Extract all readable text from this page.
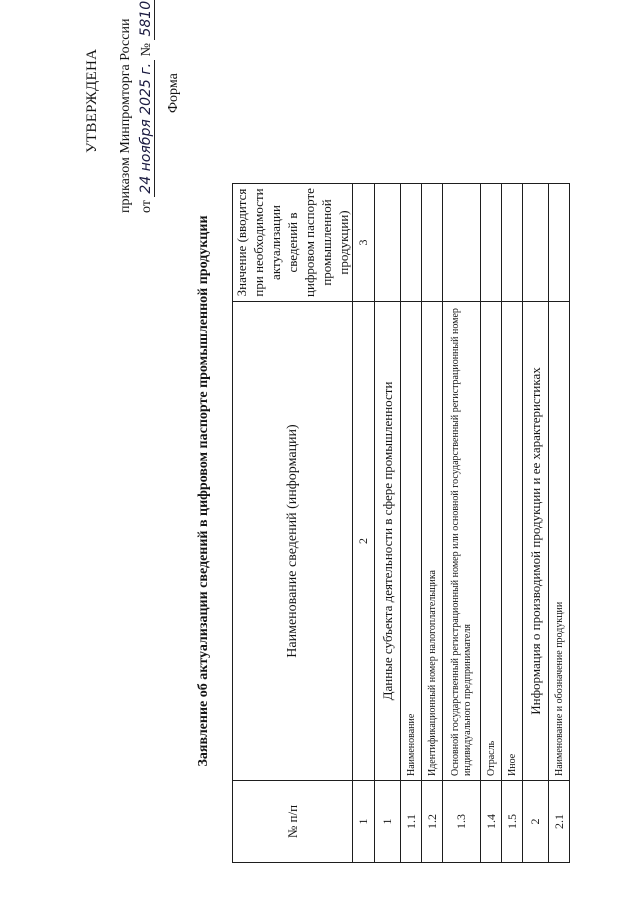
УТВЕРЖДЕНА приказом Минпромторга России от 24 ноября 2025 г. № 5810
Форма
Заявление об актуализации сведений в цифровом паспорте промышленной продукции
№ п/п	Наименование сведений (информации)	Значение (вводится при необходимости актуализации сведений в цифровом паспорте промышленной продукции)
1	2	3
1	Данные субъекта деятельности в сфере промышленности	
1.1	Наименование	
1.2	Идентификационный номер налогоплательщика	
1.3	Основной государственный регистрационный номер или основной государственный регистрационный номер индивидуального предпринимателя	
1.4	Отрасль	
1.5	Иное	
2	Информация о производимой продукции и ее характеристиках	
2.1	Наименование и обозначение продукции	
